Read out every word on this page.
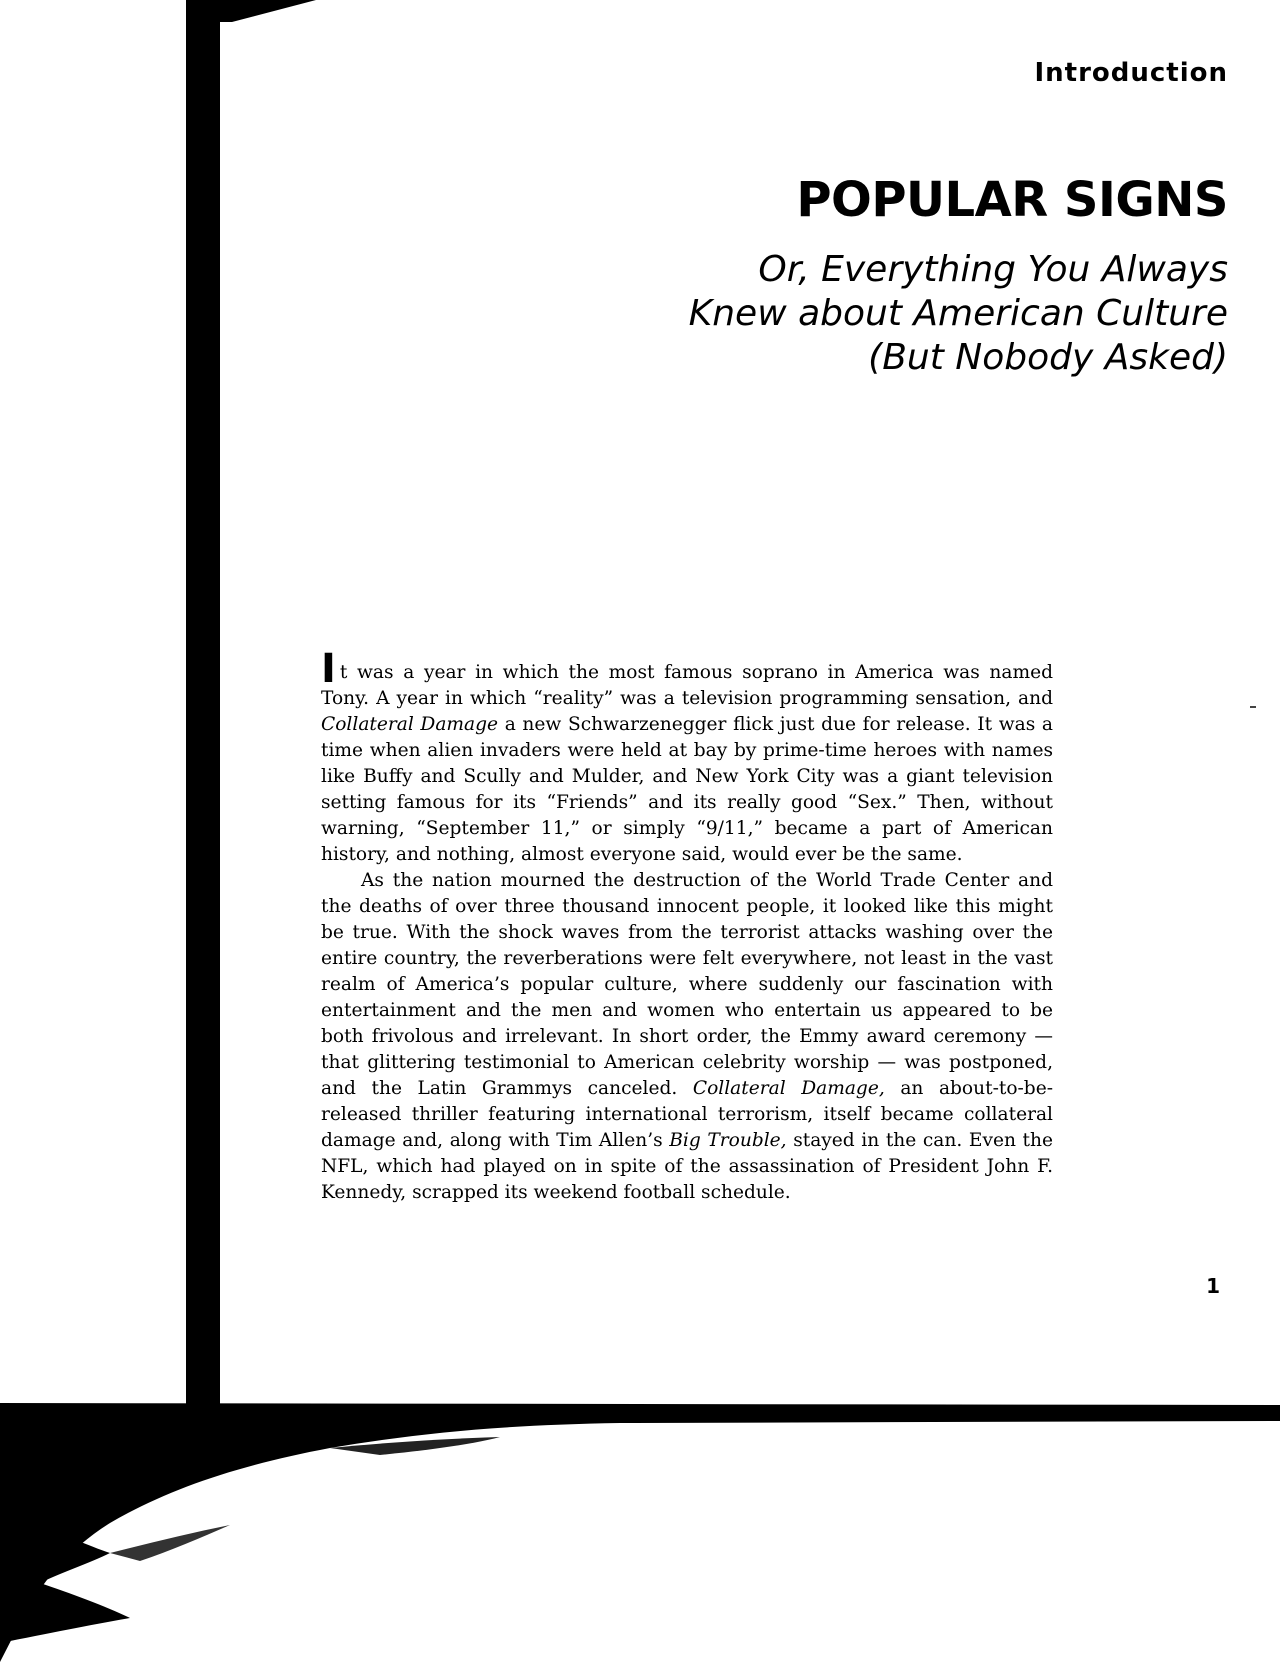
Introduction
POPULAR SIGNS
Or, Everything You Always
Knew about American Culture
(But Nobody Asked)

It was a year in which the most famous soprano in America was named Tony. A year in which “reality” was a television programming sensation, and Collateral Damage a new Schwarzenegger flick just due for release. It was a time when alien invaders were held at bay by prime-time heroes with names like Buffy and Scully and Mulder, and New York City was a giant television setting famous for its “Friends” and its really good “Sex.” Then, without warning, “September 11,” or simply “9/11,” became a part of American history, and nothing, almost everyone said, would ever be the same.

As the nation mourned the destruction of the World Trade Center and the deaths of over three thousand innocent people, it looked like this might be true. With the shock waves from the terrorist attacks washing over the entire country, the reverberations were felt everywhere, not least in the vast realm of America’s popular culture, where suddenly our fascination with entertainment and the men and women who entertain us appeared to be both frivolous and irrelevant. In short order, the Emmy award ceremony — that glittering testimonial to American celebrity worship — was postponed, and the Latin Grammys canceled. Collateral Damage, an about-to-be-released thriller featuring international terrorism, itself became collateral damage and, along with Tim Allen’s Big Trouble, stayed in the can. Even the NFL, which had played on in spite of the assassination of President John F. Kennedy, scrapped its weekend football schedule.

1
